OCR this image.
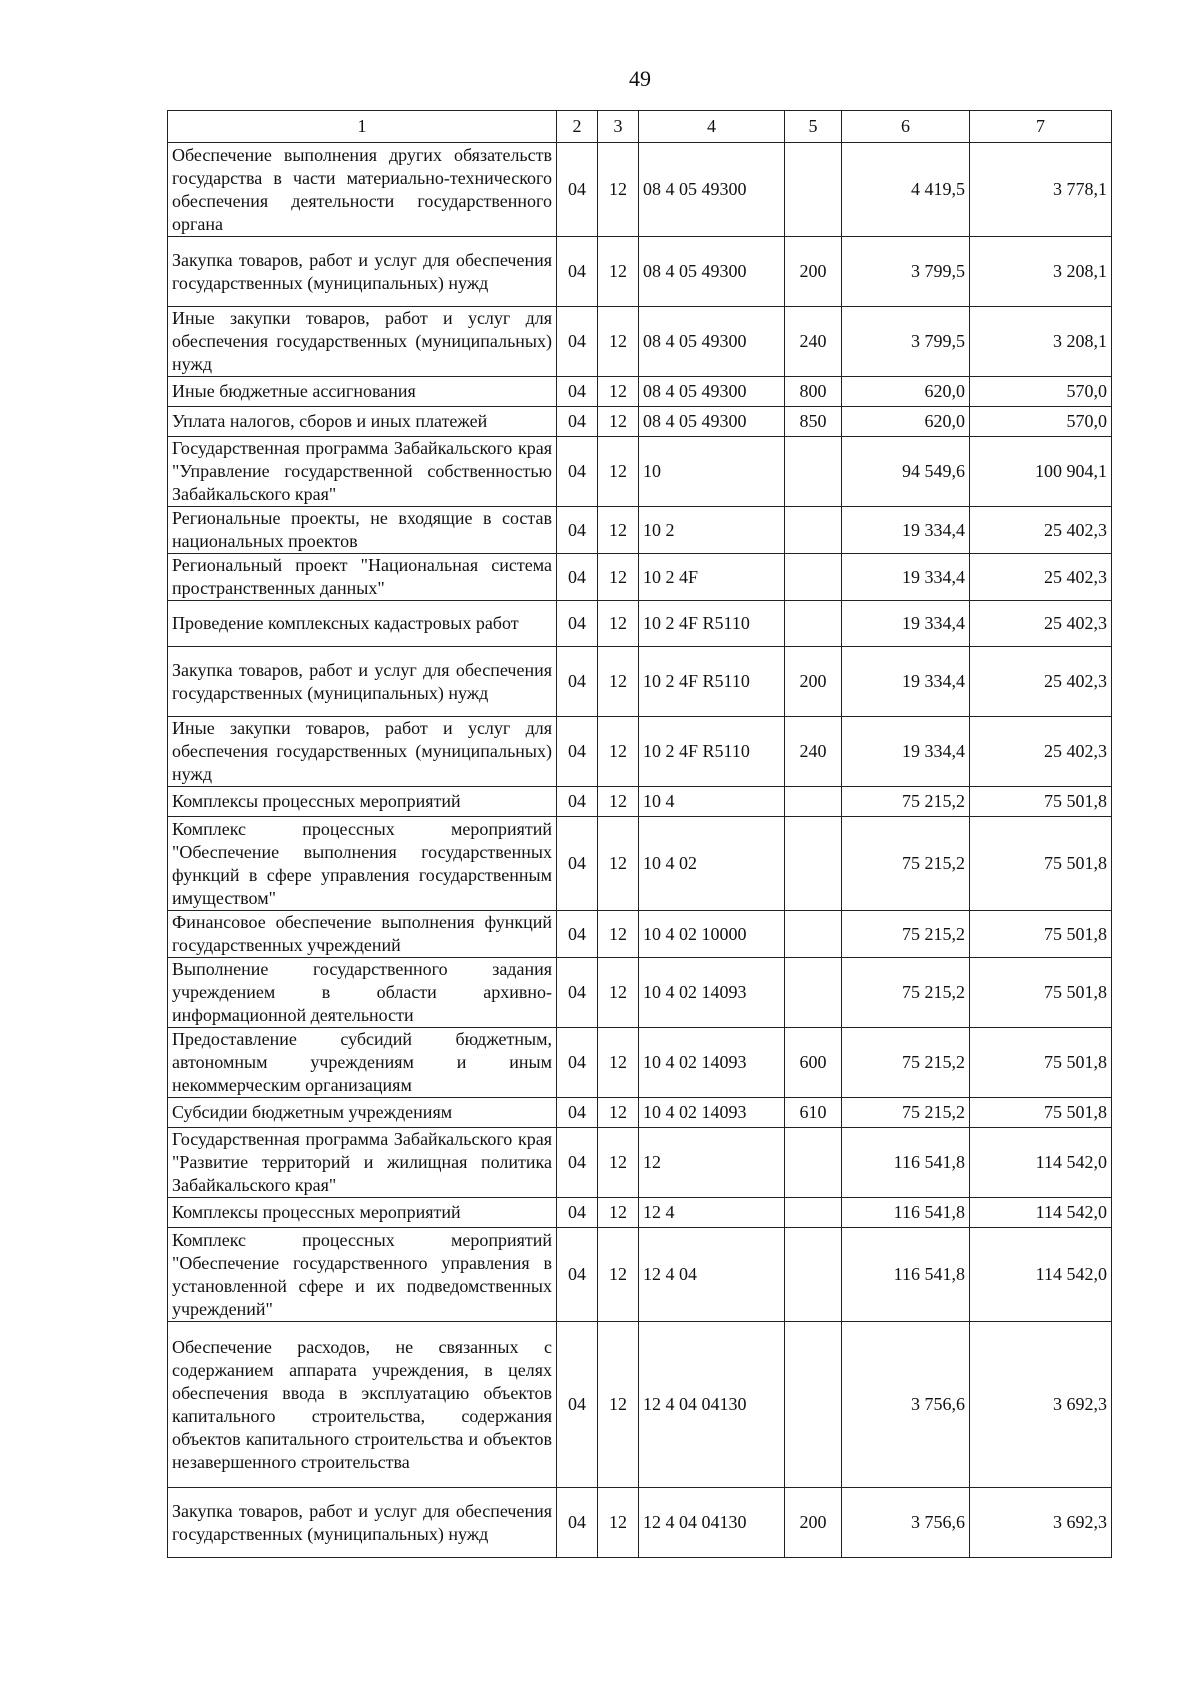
49
1	2	3	4	5	6	7
Обеспечение выполнения других обязательств государства в части материально-технического обеспечения деятельности государственного органа	04	12	08 4 05 49300		4 419,5	3 778,1
Закупка товаров, работ и услуг для обеспечения государственных (муниципальных) нужд	04	12	08 4 05 49300	200	3 799,5	3 208,1
Иные закупки товаров, работ и услуг для обеспечения государственных (муниципальных) нужд	04	12	08 4 05 49300	240	3 799,5	3 208,1
Иные бюджетные ассигнования	04	12	08 4 05 49300	800	620,0	570,0
Уплата налогов, сборов и иных платежей	04	12	08 4 05 49300	850	620,0	570,0
Государственная программа Забайкальского края "Управление государственной собственностью Забайкальского края"	04	12	10		94 549,6	100 904,1
Региональные проекты, не входящие в состав национальных проектов	04	12	10 2		19 334,4	25 402,3
Региональный проект "Национальная система пространственных данных"	04	12	10 2 4F		19 334,4	25 402,3
Проведение комплексных кадастровых работ	04	12	10 2 4F R5110		19 334,4	25 402,3
Закупка товаров, работ и услуг для обеспечения государственных (муниципальных) нужд	04	12	10 2 4F R5110	200	19 334,4	25 402,3
Иные закупки товаров, работ и услуг для обеспечения государственных (муниципальных) нужд	04	12	10 2 4F R5110	240	19 334,4	25 402,3
Комплексы процессных мероприятий	04	12	10 4		75 215,2	75 501,8
Комплекс процессных мероприятий "Обеспечение выполнения государственных функций в сфере управления государственным имуществом"	04	12	10 4 02		75 215,2	75 501,8
Финансовое обеспечение выполнения функций государственных учреждений	04	12	10 4 02 10000		75 215,2	75 501,8
Выполнение государственного задания учреждением в области архивно-информационной деятельности	04	12	10 4 02 14093		75 215,2	75 501,8
Предоставление субсидий бюджетным, автономным учреждениям и иным некоммерческим организациям	04	12	10 4 02 14093	600	75 215,2	75 501,8
Субсидии бюджетным учреждениям	04	12	10 4 02 14093	610	75 215,2	75 501,8
Государственная программа Забайкальского края "Развитие территорий и жилищная политика Забайкальского края"	04	12	12		116 541,8	114 542,0
Комплексы процессных мероприятий	04	12	12 4		116 541,8	114 542,0
Комплекс процессных мероприятий "Обеспечение государственного управления в установленной сфере и их подведомственных учреждений"	04	12	12 4 04		116 541,8	114 542,0
Обеспечение расходов, не связанных с содержанием аппарата учреждения, в целях обеспечения ввода в эксплуатацию объектов капитального строительства, содержания объектов капитального строительства и объектов незавершенного строительства	04	12	12 4 04 04130		3 756,6	3 692,3
Закупка товаров, работ и услуг для обеспечения государственных (муниципальных) нужд	04	12	12 4 04 04130	200	3 756,6	3 692,3
